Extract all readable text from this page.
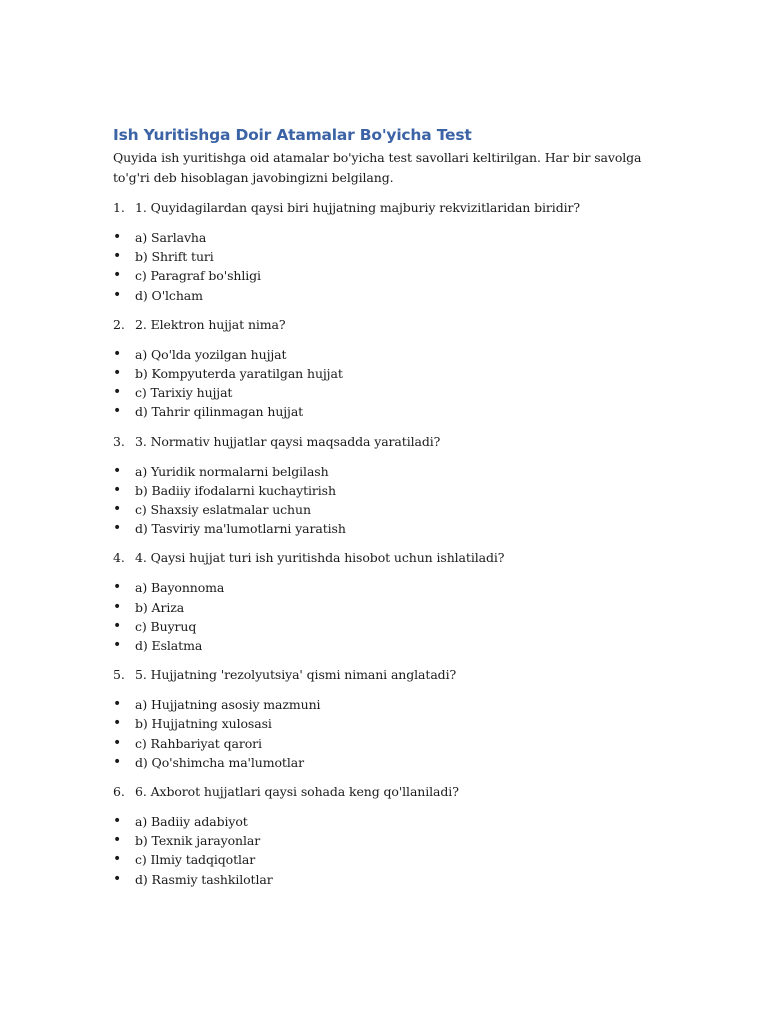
Ish Yuritishga Doir Atamalar Bo'yicha Test

Quyida ish yuritishga oid atamalar bo'yicha test savollari keltirilgan. Har bir savolga to'g'ri deb hisoblagan javobingizni belgilang.

1. 1. Quyidagilardan qaysi biri hujjatning majburiy rekvizitlaridan biridir?

• a) Sarlavha
• b) Shrift turi
• c) Paragraf bo'shligi
• d) O'lcham

2. 2. Elektron hujjat nima?

• a) Qo'lda yozilgan hujjat
• b) Kompyuterda yaratilgan hujjat
• c) Tarixiy hujjat
• d) Tahrir qilinmagan hujjat

3. 3. Normativ hujjatlar qaysi maqsadda yaratiladi?

• a) Yuridik normalarni belgilash
• b) Badiiy ifodalarni kuchaytirish
• c) Shaxsiy eslatmalar uchun
• d) Tasviriy ma'lumotlarni yaratish

4. 4. Qaysi hujjat turi ish yuritishda hisobot uchun ishlatiladi?

• a) Bayonnoma
• b) Ariza
• c) Buyruq
• d) Eslatma

5. 5. Hujjatning 'rezolyutsiya' qismi nimani anglatadi?

• a) Hujjatning asosiy mazmuni
• b) Hujjatning xulosasi
• c) Rahbariyat qarori
• d) Qo'shimcha ma'lumotlar

6. 6. Axborot hujjatlari qaysi sohada keng qo'llaniladi?

• a) Badiiy adabiyot
• b) Texnik jarayonlar
• c) Ilmiy tadqiqotlar
• d) Rasmiy tashkilotlar
